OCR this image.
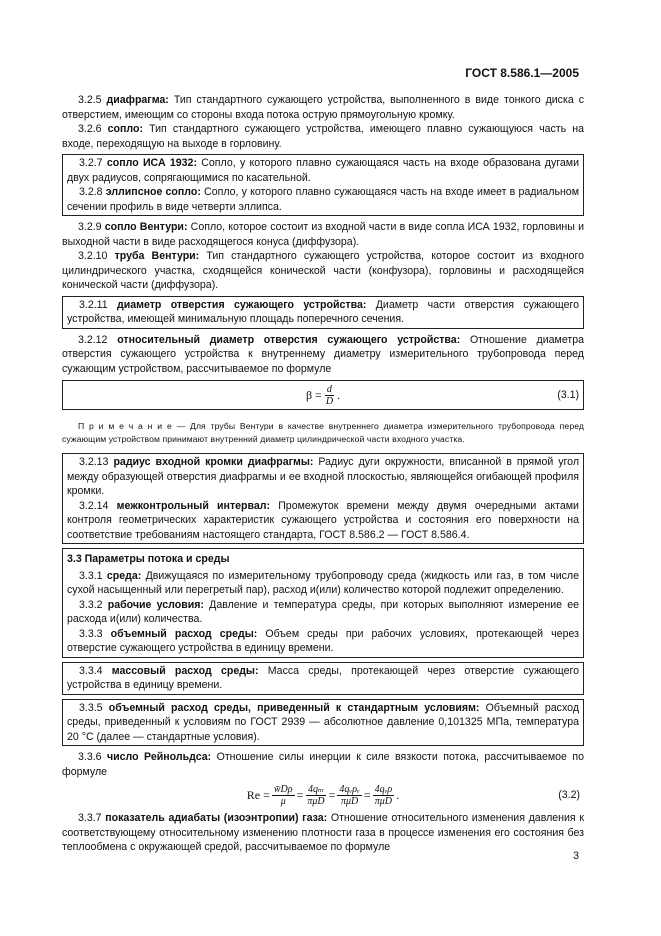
ГОСТ 8.586.1—2005

3.2.5 диафрагма: Тип стандартного сужающего устройства, выполненного в виде тонкого диска с отверстием, имеющим со стороны входа потока острую прямоугольную кромку.

3.2.6 сопло: Тип стандартного сужающего устройства, имеющего плавно сужающуюся часть на входе, переходящую на выходе в горловину.

3.2.7 сопло ИСА 1932: Сопло, у которого плавно сужающаяся часть на входе образована дугами двух радиусов, сопрягающимися по касательной.

3.2.8 эллипсное сопло: Сопло, у которого плавно сужающаяся часть на входе имеет в радиальном сечении профиль в виде четверти эллипса.

3.2.9 сопло Вентури: Сопло, которое состоит из входной части в виде сопла ИСА 1932, горловины и выходной части в виде расходящегося конуса (диффузора).

3.2.10 труба Вентури: Тип стандартного сужающего устройства, которое состоит из входного цилиндрического участка, сходящейся конической части (конфузора), горловины и расходящейся конической части (диффузора).

3.2.11 диаметр отверстия сужающего устройства: Диаметр части отверстия сужающего устройства, имеющей минимальную площадь поперечного сечения.

3.2.12 относительный диаметр отверстия сужающего устройства: Отношение диаметра отверстия сужающего устройства к внутреннему диаметру измерительного трубопровода перед сужающим устройством, рассчитываемое по формуле

$\beta = \frac{d}{D}$ .	(3.1)

П р и м е ч а н и е — Для трубы Вентури в качестве внутреннего диаметра измерительного трубопровода перед сужающим устройством принимают внутренний диаметр цилиндрической части входного участка.

3.2.13 радиус входной кромки диафрагмы: Радиус дуги окружности, вписанной в прямой угол между образующей отверстия диафрагмы и ее входной плоскостью, являющейся огибающей профиля кромки.

3.2.14 межконтрольный интервал: Промежуток времени между двумя очередными актами контроля геометрических характеристик сужающего устройства и состояния его поверхности на соответствие требованиям настоящего стандарта, ГОСТ 8.586.2 — ГОСТ 8.586.4.

3.3 Параметры потока и среды

3.3.1 среда: Движущаяся по измерительному трубопроводу среда (жидкость или газ, в том числе сухой насыщенный или перегретый пар), расход и(или) количество которой подлежит определению.

3.3.2 рабочие условия: Давление и температура среды, при которых выполняют измерение ее расхода и(или) количества.

3.3.3 объемный расход среды: Объем среды при рабочих условиях, протекающей через отверстие сужающего устройства в единицу времени.

3.3.4 массовый расход среды: Масса среды, протекающей через отверстие сужающего устройства в единицу времени.

3.3.5 объемный расход среды, приведенный к стандартным условиям: Объемный расход среды, приведенный к условиям по ГОСТ 2939 — абсолютное давление 0,101325 МПа, температура 20 °С (далее — стандартные условия).

3.3.6 число Рейнольдса: Отношение силы инерции к силе вязкости потока, рассчитываемое по формуле

$Re = \frac{w̄D\rho}{\mu} = \frac{\text{4qₘ}}{\text{πμD}} = \frac{\text{4qᵥρᵥ}}{\text{πμD}} = \frac{\text{4qᵥρ}}{\text{πμD}}$ .	(3.2)

3.3.7 показатель адиабаты (изоэнтропии) газа: Отношение относительного изменения давления к соответствующему относительному изменению плотности газа в процессе изменения его состояния без теплообмена с окружающей средой, рассчитываемое по формуле

3
